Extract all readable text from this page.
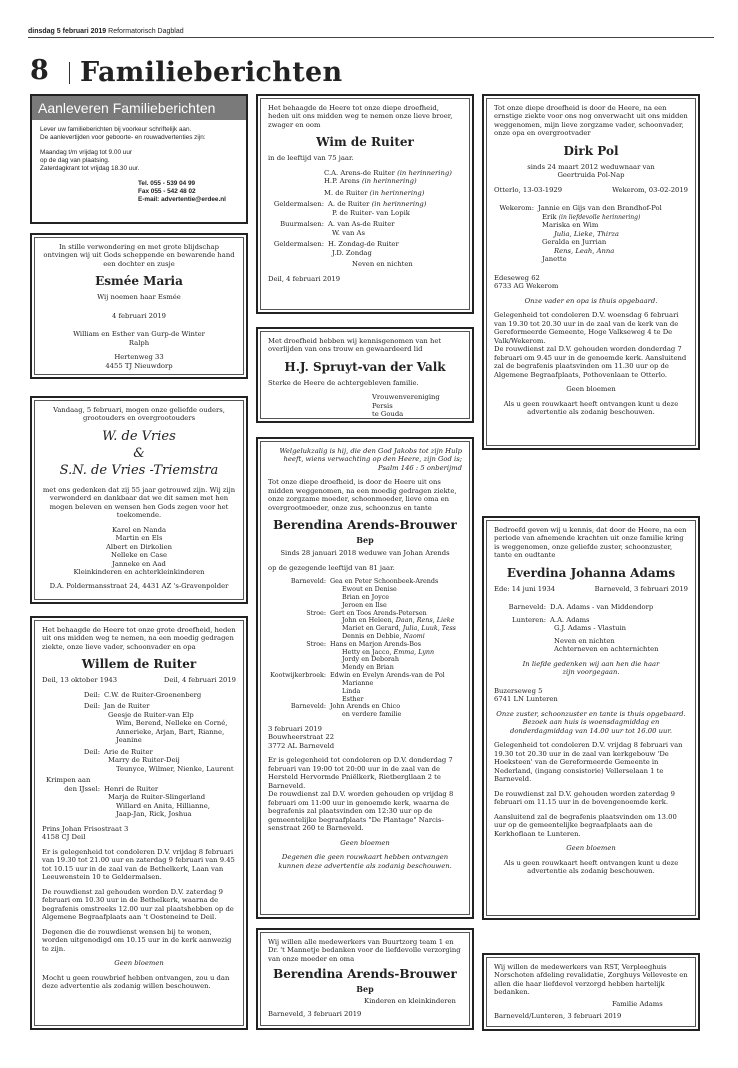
dinsdag 5 februari 2019 Reformatorisch Dagblad
8 Familieberichten
Aanleveren Familieberichten
Lever uw familieberichten bij voorkeur schriftelijk aan.
De aanlevertijden voor geboorte- en rouwadvertenties zijn:
Maandag t/m vrijdag tot 9.00 uur
op de dag van plaatsing.
Zaterdagkrant tot vrijdag 18.30 uur.
Tel. 055 - 539 04 99
Fax 055 - 542 48 02
E-mail: advertentie@erdee.nl
In stille verwondering en met grote blijdschap ontvingen wij uit Gods scheppende en bewarende hand een dochter en zusje
Esmée Maria
Wij noemen haar Esmée
4 februari 2019
William en Esther van Gurp-de Winter
Ralph
Hertenweg 33
4455 TJ Nieuwdorp
Vandaag, 5 februari, mogen onze geliefde ouders, grootouders en overgrootouders
W. de Vries
&
S.N. de Vries -Triemstra
met ons gedenken dat zij 55 jaar getrouwd zijn. Wij zijn verwonderd en dankbaar dat we dit samen met hen mogen beleven en wensen hen Gods zegen voor het toekomende.
Karel en Nanda
Martin en Els
Albert en Dirkolien
Nelleke en Case
Janneke en Aad
Kleinkinderen en achterkleinkinderen
D.A. Poldermansstraat 24, 4431 AZ 's-Gravenpolder
Het behaagde de Heere tot onze grote droefheid, heden uit ons midden weg te nemen, na een moedig gedragen ziekte, onze lieve vader, schoonvader en opa
Willem de Ruiter
Deil, 13 oktober 1943	Deil, 4 februari 2019
Deil: C.W. de Ruiter-Groenenberg
Deil: Jan de Ruiter
Geesje de Ruiter-van Elp
Wim, Berend, Nelleke en Corné,
Annerieke, Arjan, Bart, Rianne,
Jeanine
Deil: Arie de Ruiter
Marry de Ruiter-Deij
Teunyce, Wilmer, Nienke, Laurent
Krimpen aan
den IJssel: Henri de Ruiter
Marja de Ruiter-Slingerland
Willard en Anita, Hillianne,
Jaap-Jan, Rick, Joshua
Prins Johan Frisostraat 3
4158 CJ Deil
Er is gelegenheid tot condoleren D.V. vrijdag 8 februari van 19.30 tot 21.00 uur en zaterdag 9 februari van 9.45 tot 10.15 uur in de zaal van de Bethelkerk, Laan van Leeuwenstein 10 te Geldermalsen.
De rouwdienst zal gehouden worden D.V. zaterdag 9 februari om 10.30 uur in de Bethelkerk, waarna de begrafenis omstreeks 12.00 uur zal plaatshebben op de Algemene Begraafplaats aan 't Oosteneind te Deil.
Degenen die de rouwdienst wensen bij te wonen, worden uitgenodigd om 10.15 uur in de kerk aanwezig te zijn.
Geen bloemen
Mocht u geen rouwbrief hebben ontvangen, zou u dan deze advertentie als zodanig willen beschouwen.
Het behaagde de Heere tot onze diepe droefheid, heden uit ons midden weg te nemen onze lieve broer, zwager en oom
Wim de Ruiter
in de leeftijd van 75 jaar.
C.A. Arens-de Ruiter (in herinnering)
H.P. Arens (in herinnering)
M. de Ruiter (in herinnering)
Geldermalsen: A. de Ruiter (in herinnering)
P. de Ruiter- van Lopik
Buurmalsen: A. van As-de Ruiter
W. van As
Geldermalsen: H. Zondag-de Ruiter
J.D. Zondag
Neven en nichten
Deil, 4 februari 2019
Met droefheid hebben wij kennisgenomen van het overlijden van ons trouw en gewaardeerd lid
H.J. Spruyt-van der Valk
Sterke de Heere de achtergebleven familie.
Vrouwenvereniging Persis
te Gouda
Welgelukzalig is hij, die den God Jakobs tot zijn Hulp heeft, wiens verwachting op den Heere, zijn God is; Psalm 146 : 5 onberijmd
Tot onze diepe droefheid, is door de Heere uit ons midden weggenomen, na een moedig gedragen ziekte, onze zorgzame moeder, schoonmoeder, lieve oma en overgrootmoeder, onze zus, schoonzus en tante
Berendina Arends-Brouwer
Bep
Sinds 28 januari 2018 weduwe van Johan Arends
op de gezegende leeftijd van 81 jaar.
Barneveld: Gea en Peter Schoonbeek-Arends
Ewout en Denise
Brian en Joyce
Jeroen en Ilse
Stroe: Gert en Toos Arends-Petersen
John en Heleen, Daan, Rens, Lieke
Mariet en Gerard, Julia, Luuk, Tess
Dennis en Debbie, Naomi
Stroe: Hans en Marjon Arends-Bos
Hetty en Jacco, Emma, Lynn
Jordy en Deborah
Mendy en Brian
Kootwijkerbroek: Edwin en Evelyn Arends-van de Pol
Marianne
Linda
Esther
Barneveld: John Arends en Chico
en verdere familie
3 februari 2019
Bouwheerstraat 22
3772 AL Barneveld
Er is gelegenheid tot condoleren op D.V. donderdag 7 februari van 19:00 tot 20:00 uur in de zaal van de Hersteld Hervormde Pniëlkerk, Rietbergllaan 2 te Barneveld.
De rouwdienst zal D.V. worden gehouden op vrijdag 8 februari om 11:00 uur in genoemde kerk, waarna de begrafenis zal plaatsvinden om 12:30 uur op de gemeentelijke begraafplaats "De Plantage" Narcis-senstraat 260 te Barneveld.
Geen bloemen
Degenen die geen rouwkaart hebben ontvangen kunnen deze advertentie als zodanig beschouwen.
Wij willen alle medewerkers van Buurtzorg team 1 en Dr. 't Mannetje bedanken voor de liefdevolle verzorging van onze moeder en oma
Berendina Arends-Brouwer
Bep
Kinderen en kleinkinderen
Barneveld, 3 februari 2019
Tot onze diepe droefheid is door de Heere, na een ernstige ziekte voor ons nog onverwacht uit ons midden weggenomen, mijn lieve zorgzame vader, schoonvader, onze opa en overgrootvader
Dirk Pol
sinds 24 maart 2012 weduwnaar van
Geertruida Pol-Nap
Otterlo, 13-03-1929	Wekerom, 03-02-2019
Wekerom: Jannie en Gijs van den Brandhof-Pol
Erik (in liefdevolle herinnering)
Mariska en Wim
Julia, Lieke, Thirza
Geralda en Jurrian
Rens, Leah, Anna
Janette
Edeseweg 62
6733 AG Wekerom
Onze vader en opa is thuis opgebaard.
Gelegenheid tot condoleren D.V. woensdag 6 februari van 19.30 tot 20.30 uur in de zaal van de kerk van de Gereformeerde Gemeente, Hoge Valkseweg 4 te De Valk/Wekerom.
De rouwdienst zal D.V. gehouden worden donderdag 7 februari om 9.45 uur in de genoemde kerk. Aansluitend zal de begrafenis plaatsvinden om 11.30 uur op de Algemene Begraafplaats, Pothovenlaan te Otterlo.
Geen bloemen
Als u geen rouwkaart heeft ontvangen kunt u deze advertentie als zodanig beschouwen.
Bedroefd geven wij u kennis, dat door de Heere, na een periode van afnemende krachten uit onze familie kring is weggenomen, onze geliefde zuster, schoonzuster, tante en oudtante
Everdina Johanna Adams
Ede: 14 juni 1934	Barneveld, 3 februari 2019
Barneveld: D.A. Adams - van Middendorp
Lunteren: A.A. Adams
G.J. Adams - Vlastuin
Neven en nichten
Achterneven en achternichten
In liefde gedenken wij aan hen die haar
zijn voorgegaan.
Buzerseweg 5
6741 LN Lunteren
Onze zuster, schoonzuster en tante is thuis opgebaard. Bezoek aan huis is woensdagmiddag en donderdagmiddag van 14.00 uur tot 16.00 uur.
Gelegenheid tot condoleren D.V. vrijdag 8 februari van 19.30 tot 20.30 uur in de zaal van kerkgebouw 'De Hoeksteen' van de Gereformeerde Gemeente in Nederland, (ingang consistorie) Vellerselaan 1 te Barneveld.
De rouwdienst zal D.V. gehouden worden zaterdag 9 februari om 11.15 uur in de bovengenoemde kerk.
Aansluitend zal de begrafenis plaatsvinden om 13.00 uur op de gemeentelijke begraafplaats aan de Kerkhoflaan te Lunteren.
Geen bloemen
Als u geen rouwkaart heeft ontvangen kunt u deze advertentie als zodanig beschouwen.
Wij willen de medewerkers van RST, Verpleeghuis Norschoten afdeling revalidatie, Zorghuys Velleveste en allen die haar liefdevol verzorgd hebben hartelijk bedanken.
Familie Adams
Barneveld/Lunteren, 3 februari 2019
